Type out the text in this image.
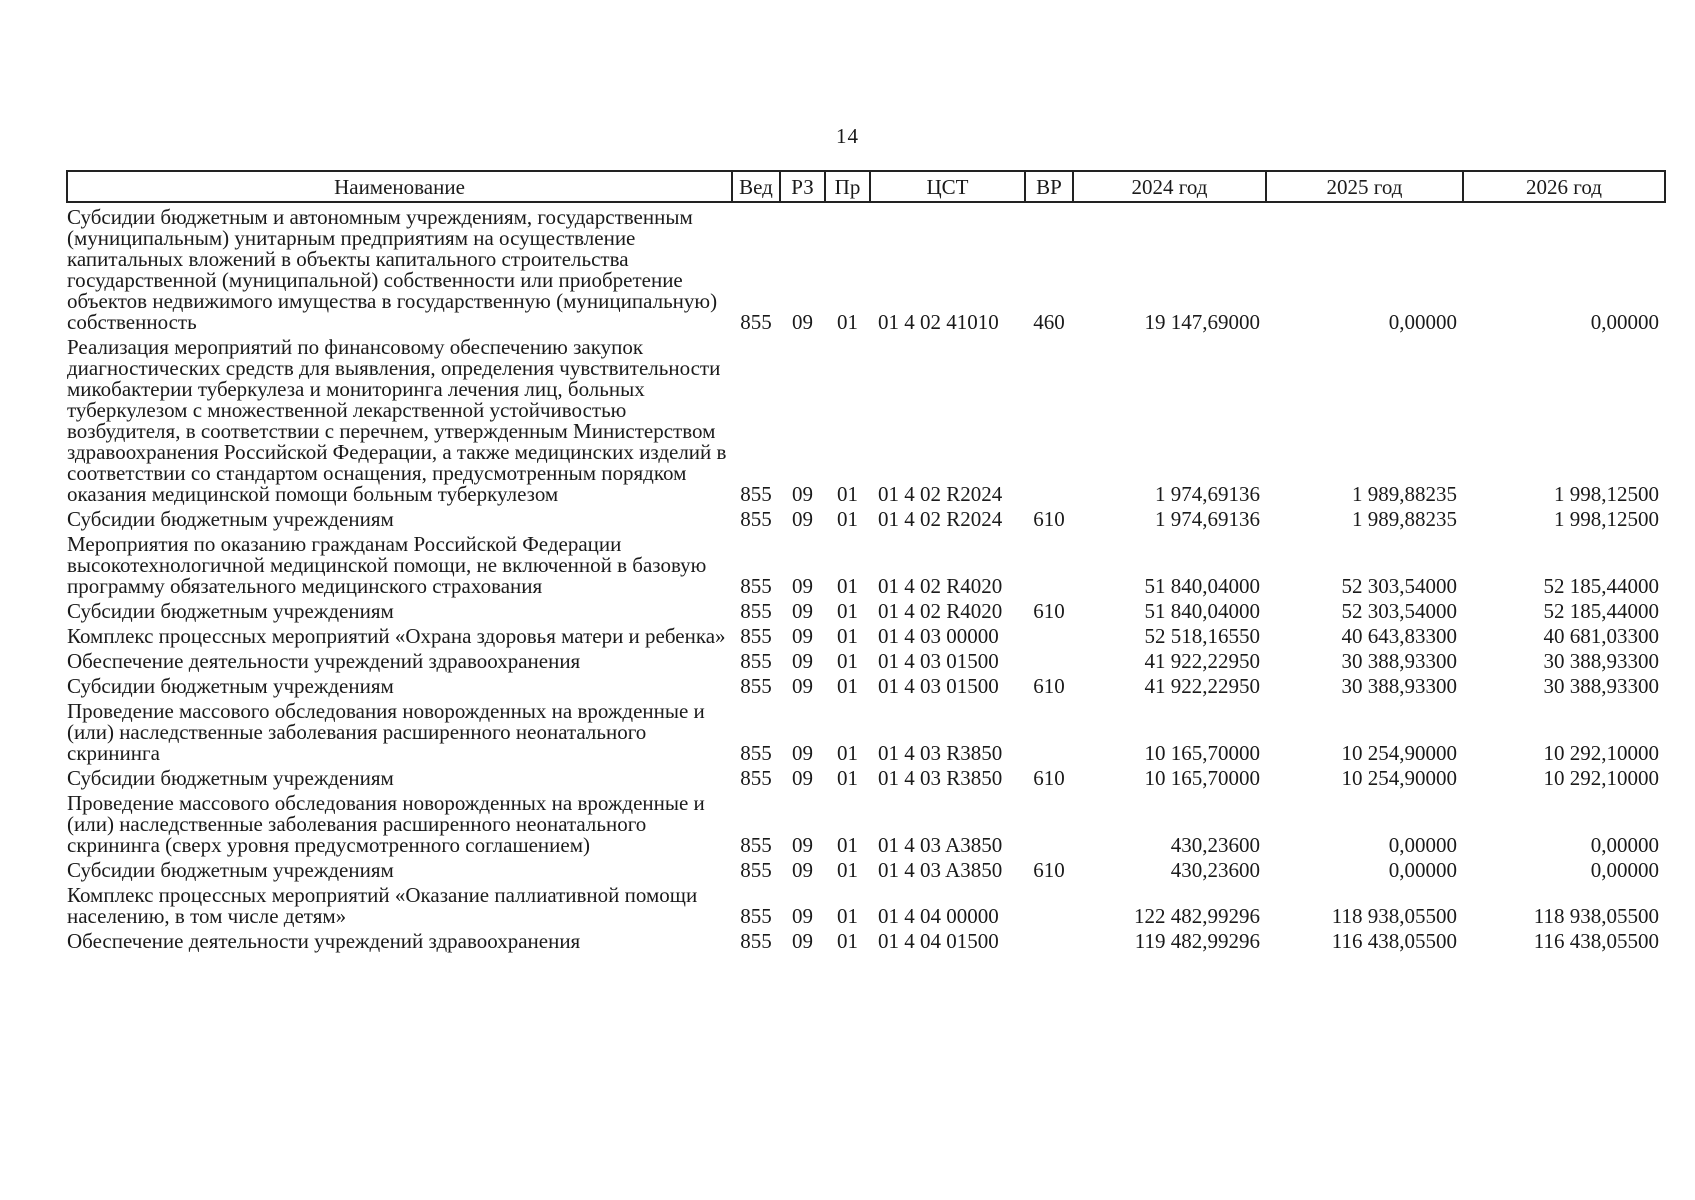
14
Наименование	Вед	РЗ	Пр	ЦСТ	ВР	2024 год	2025 год	2026 год
Субсидии бюджетным и автономным учреждениям, государственным (муниципальным) унитарным предприятиям на осуществление капитальных вложений в объекты капитального строительства государственной (муниципальной) собственности или приобретение объектов недвижимого имущества в государственную (муниципальную) собственность	855	09	01	01 4 02 41010	460	19 147,69000	0,00000	0,00000
Реализация мероприятий по финансовому обеспечению закупок диагностических средств для выявления, определения чувствительности микобактерии туберкулеза и мониторинга лечения лиц, больных туберкулезом с множественной лекарственной устойчивостью возбудителя, в соответствии с перечнем, утвержденным Министерством здравоохранения Российской Федерации, а также медицинских изделий в соответствии со стандартом оснащения, предусмотренным порядком оказания медицинской помощи больным туберкулезом	855	09	01	01 4 02 R2024		1 974,69136	1 989,88235	1 998,12500
Субсидии бюджетным учреждениям	855	09	01	01 4 02 R2024	610	1 974,69136	1 989,88235	1 998,12500
Мероприятия по оказанию гражданам Российской Федерации высокотехнологичной медицинской помощи, не включенной в базовую программу обязательного медицинского страхования	855	09	01	01 4 02 R4020		51 840,04000	52 303,54000	52 185,44000
Субсидии бюджетным учреждениям	855	09	01	01 4 02 R4020	610	51 840,04000	52 303,54000	52 185,44000
Комплекс процессных мероприятий «Охрана здоровья матери и ребенка»	855	09	01	01 4 03 00000		52 518,16550	40 643,83300	40 681,03300
Обеспечение деятельности учреждений здравоохранения	855	09	01	01 4 03 01500		41 922,22950	30 388,93300	30 388,93300
Субсидии бюджетным учреждениям	855	09	01	01 4 03 01500	610	41 922,22950	30 388,93300	30 388,93300
Проведение массового обследования новорожденных на врожденные и (или) наследственные заболевания расширенного неонатального скрининга	855	09	01	01 4 03 R3850		10 165,70000	10 254,90000	10 292,10000
Субсидии бюджетным учреждениям	855	09	01	01 4 03 R3850	610	10 165,70000	10 254,90000	10 292,10000
Проведение массового обследования новорожденных на врожденные и (или) наследственные заболевания расширенного неонатального скрининга (сверх уровня предусмотренного соглашением)	855	09	01	01 4 03 A3850		430,23600	0,00000	0,00000
Субсидии бюджетным учреждениям	855	09	01	01 4 03 A3850	610	430,23600	0,00000	0,00000
Комплекс процессных мероприятий «Оказание паллиативной помощи населению, в том числе детям»	855	09	01	01 4 04 00000		122 482,99296	118 938,05500	118 938,05500
Обеспечение деятельности учреждений здравоохранения	855	09	01	01 4 04 01500		119 482,99296	116 438,05500	116 438,05500
